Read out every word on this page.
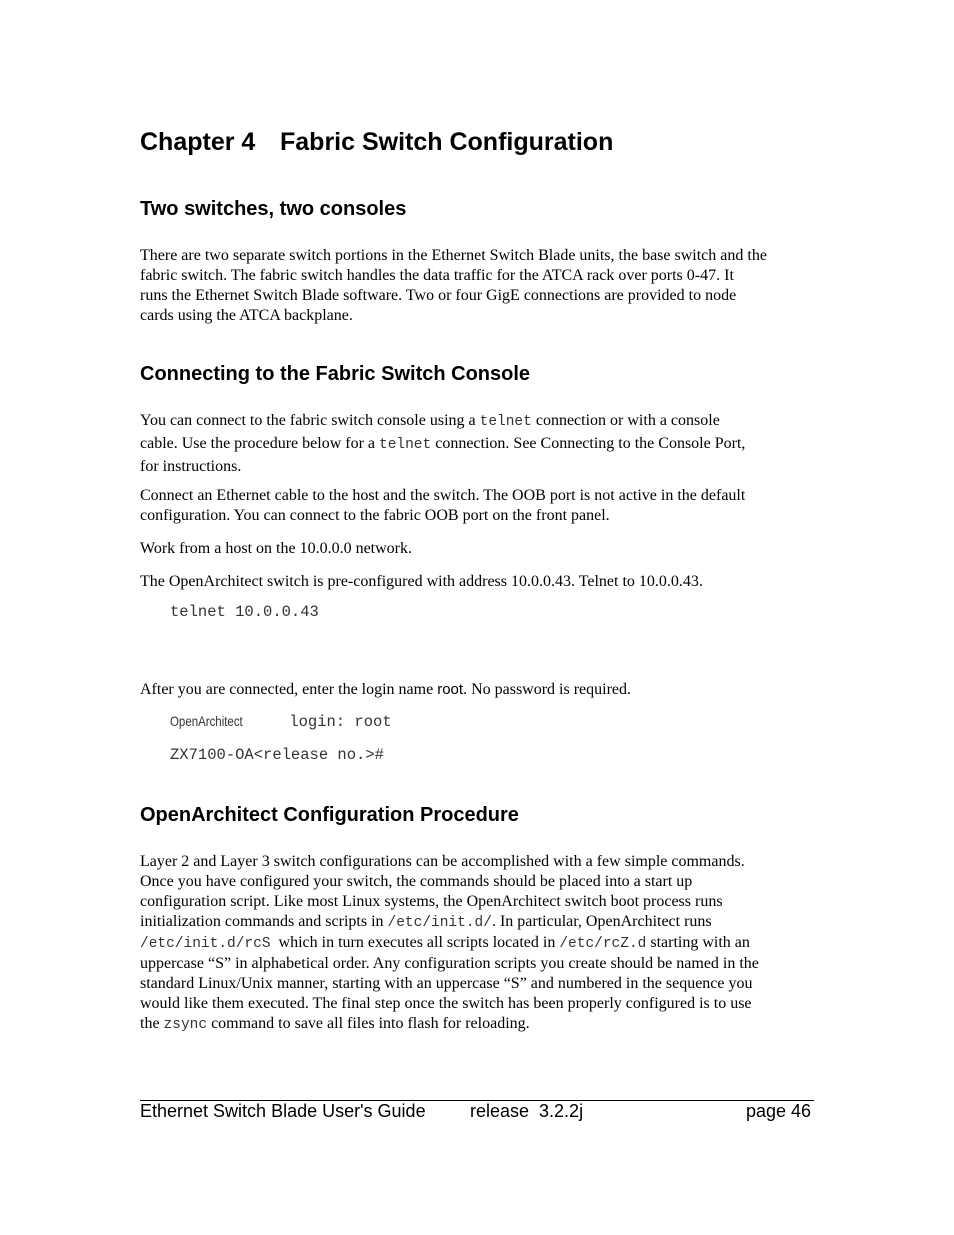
Chapter 4 Fabric Switch Configuration
Two switches, two consoles
There are two separate switch portions in the Ethernet Switch Blade units, the base switch and the
fabric switch. The fabric switch handles the data traffic for the ATCA rack over ports 0-47. It
runs the Ethernet Switch Blade software. Two or four GigE connections are provided to node
cards using the ATCA backplane.
Connecting to the Fabric Switch Console
You can connect to the fabric switch console using a telnet connection or with a console
cable. Use the procedure below for a telnet connection. See Connecting to the Console Port,
for instructions.
Connect an Ethernet cable to the host and the switch. The OOB port is not active in the default
configuration. You can connect to the fabric OOB port on the front panel.
Work from a host on the 10.0.0.0 network.
The OpenArchitect switch is pre-configured with address 10.0.0.43. Telnet to 10.0.0.43.
telnet 10.0.0.43
After you are connected, enter the login name root. No password is required.
OpenArchitect login: root
ZX7100-OA<release no.>#
OpenArchitect Configuration Procedure
Layer 2 and Layer 3 switch configurations can be accomplished with a few simple commands.
Once you have configured your switch, the commands should be placed into a start up
configuration script. Like most Linux systems, the OpenArchitect switch boot process runs
initialization commands and scripts in /etc/init.d/. In particular, OpenArchitect runs
/etc/init.d/rcS  which in turn executes all scripts located in /etc/rcZ.d starting with an
uppercase “S” in alphabetical order. Any configuration scripts you create should be named in the
standard Linux/Unix manner, starting with an uppercase “S” and numbered in the sequence you
would like them executed. The final step once the switch has been properly configured is to use
the zsync command to save all files into flash for reloading.
Ethernet Switch Blade User's Guide release  3.2.2j	page 46
